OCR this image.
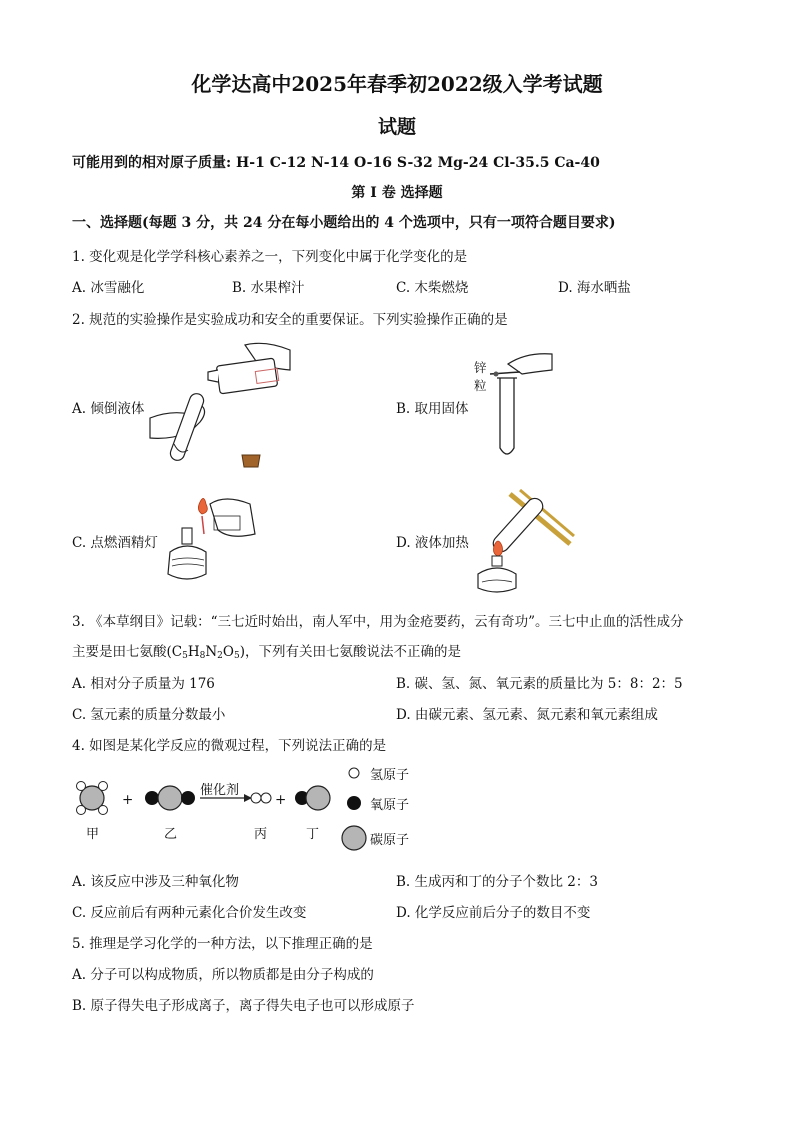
化学达高中2025年春季初2022级入学考试题
试题
可能用到的相对原子质量: H-1 C-12 N-14 O-16 S-32 Mg-24 Cl-35.5 Ca-40
第 I 卷 选择题
一、选择题(每题 3 分，共 24 分在每小题给出的 4 个选项中，只有一项符合题目要求)
1. 变化观是化学学科核心素养之一，下列变化中属于化学变化的是
A. 冰雪融化	B. 水果榨汁	C. 木柴燃烧	D. 海水晒盐
2. 规范的实验操作是实验成功和安全的重要保证。下列实验操作正确的是
A. 倾倒液体	B. 取用固体
C. 点燃酒精灯	D. 液体加热
锌
粒
3. 《本草纲目》记载：“三七近时始出，南人军中，用为金疮要药，云有奇功”。三七中止血的活性成分
主要是田七氨酸$(C_5H_8N_2O_5)$，下列有关田七氨酸说法不正确的是
A. 相对分子质量为 176	B. 碳、氢、氮、氧元素的质量比为 5：8：2：5
C. 氢元素的质量分数最小	D. 由碳元素、氢元素、氮元素和氧元素组成
4. 如图是某化学反应的微观过程，下列说法正确的是
+	+
催化剂
甲	乙	丙	丁
氢原子
氧原子
碳原子
A. 该反应中涉及三种氧化物	B. 生成丙和丁的分子个数比 2：3
C. 反应前后有两种元素化合价发生改变	D. 化学反应前后分子的数目不变
5. 推理是学习化学的一种方法，以下推理正确的是
A. 分子可以构成物质，所以物质都是由分子构成的
B. 原子得失电子形成离子，离子得失电子也可以形成原子
